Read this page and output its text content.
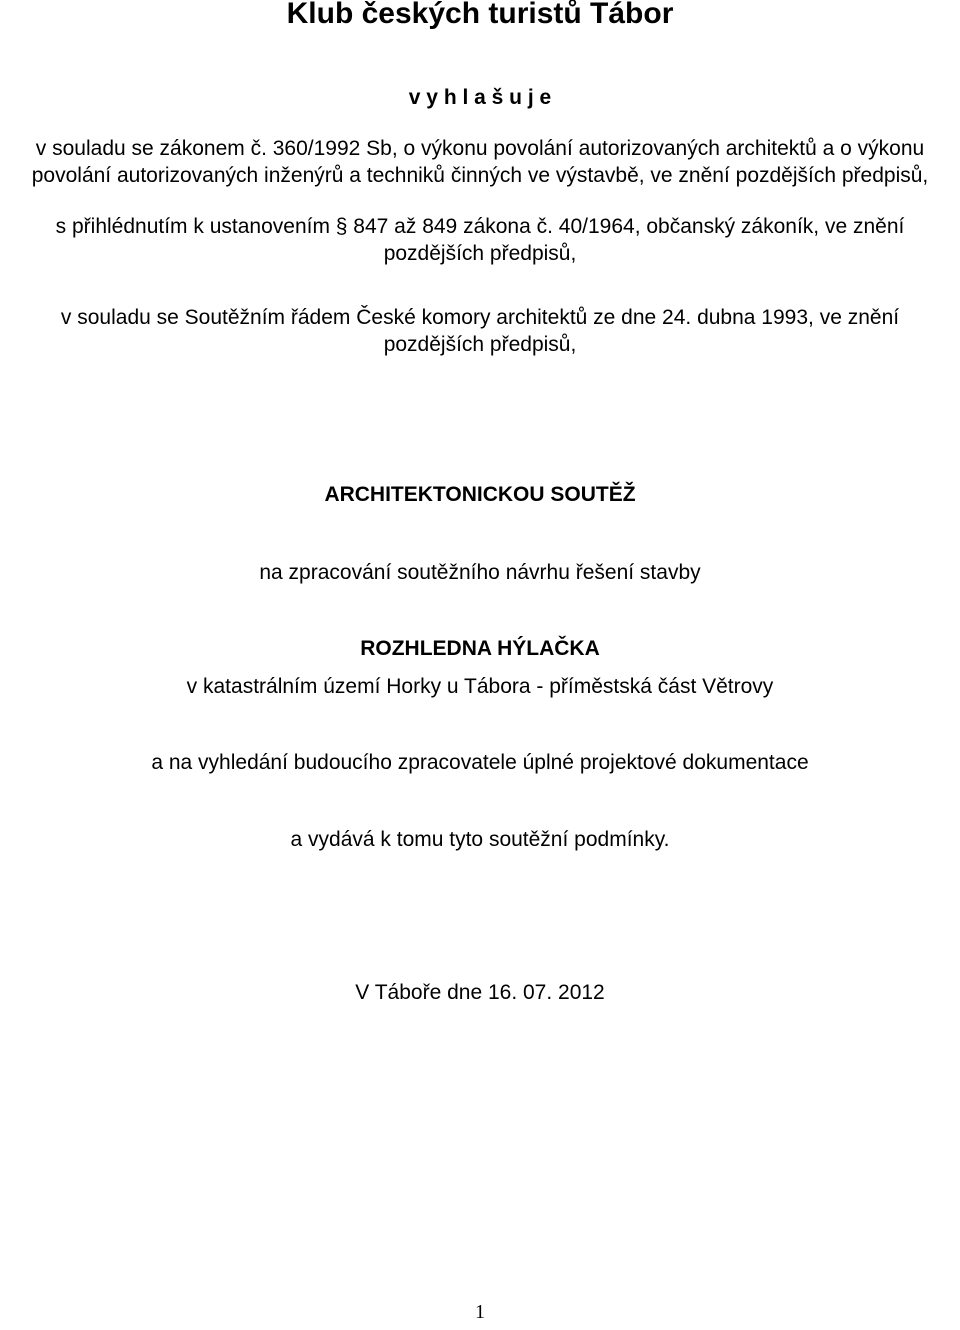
Klub českých turistů Tábor
v y h l a š u j e
v souladu se zákonem č. 360/1992 Sb, o výkonu povolání autorizovaných architektů a o výkonu
povolání autorizovaných inženýrů a techniků činných ve výstavbě, ve znění pozdějších předpisů,
s přihlédnutím k ustanovením § 847 až 849 zákona č. 40/1964, občanský zákoník, ve znění
pozdějších předpisů,
v souladu se Soutěžním řádem České komory architektů ze dne 24. dubna 1993, ve znění
pozdějších předpisů,
ARCHITEKTONICKOU SOUTĚŽ
na zpracování soutěžního návrhu řešení stavby
ROZHLEDNA HÝLAČKA
v katastrálním území Horky u Tábora - příměstská část Větrovy
a na vyhledání budoucího zpracovatele úplné projektové dokumentace
a vydává k tomu tyto soutěžní podmínky.
V Táboře dne 16. 07. 2012
1
